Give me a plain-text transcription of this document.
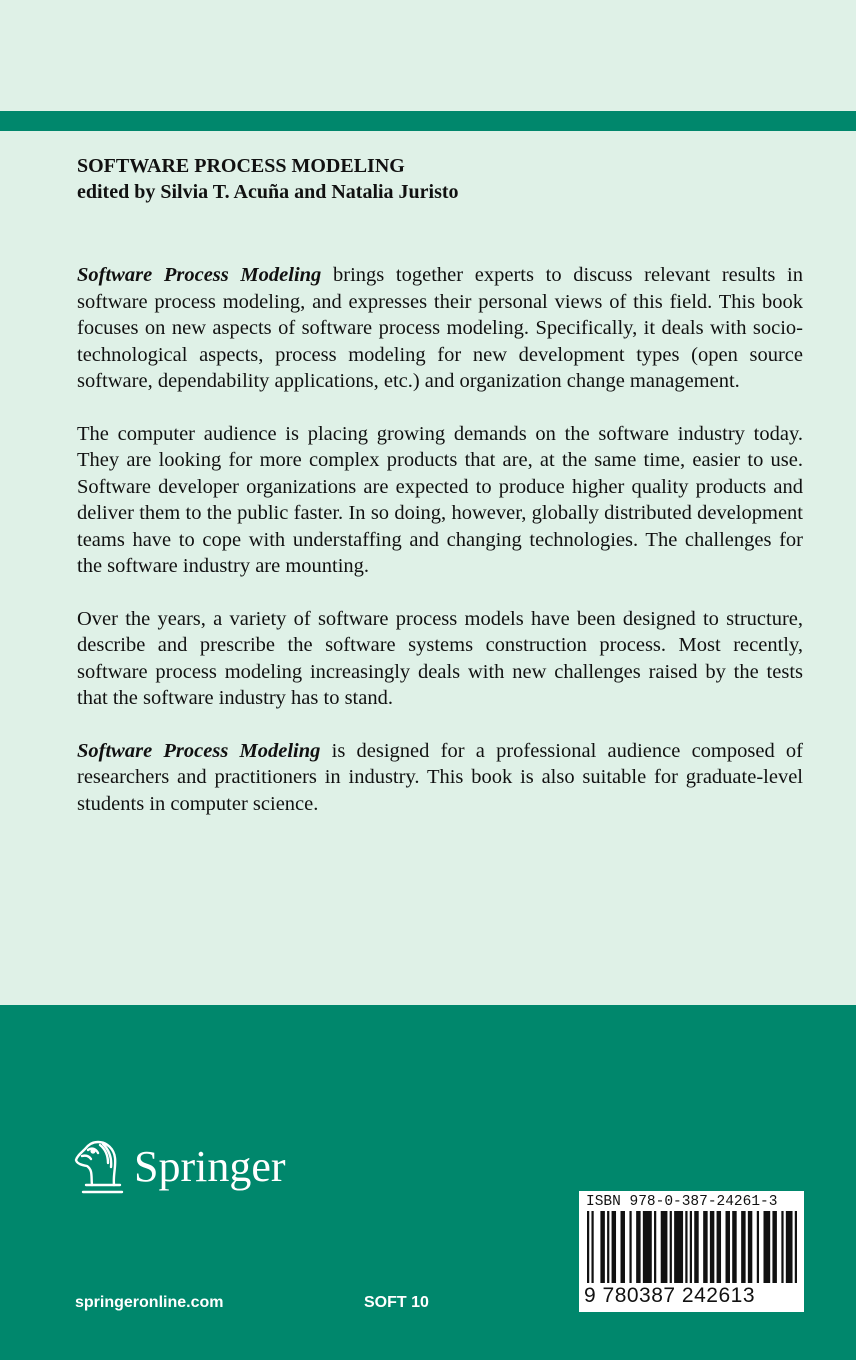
SOFTWARE PROCESS MODELING
edited by Silvia T. Acuña and Natalia Juristo

Software Process Modeling brings together experts to discuss relevant results in software process modeling, and expresses their personal views of this field. This book focuses on new aspects of software process modeling. Specifically, it deals with socio-technological aspects, process modeling for new development types (open source software, dependability applications, etc.) and organization change management.

The computer audience is placing growing demands on the software industry today. They are looking for more complex products that are, at the same time, easier to use. Software developer organizations are expected to produce higher quality products and deliver them to the public faster. In so doing, however, globally distributed development teams have to cope with understaffing and changing technologies. The challenges for the software industry are mounting.

Over the years, a variety of software process models have been designed to structure, describe and prescribe the software systems construction process. Most recently, software process modeling increasingly deals with new challenges raised by the tests that the software industry has to stand.

Software Process Modeling is designed for a professional audience composed of researchers and practitioners in industry. This book is also suitable for graduate-level students in computer science.

Springer
springeronline.com	SOFT 10
ISBN 978-0-387-24261-3
9 780387 242613
